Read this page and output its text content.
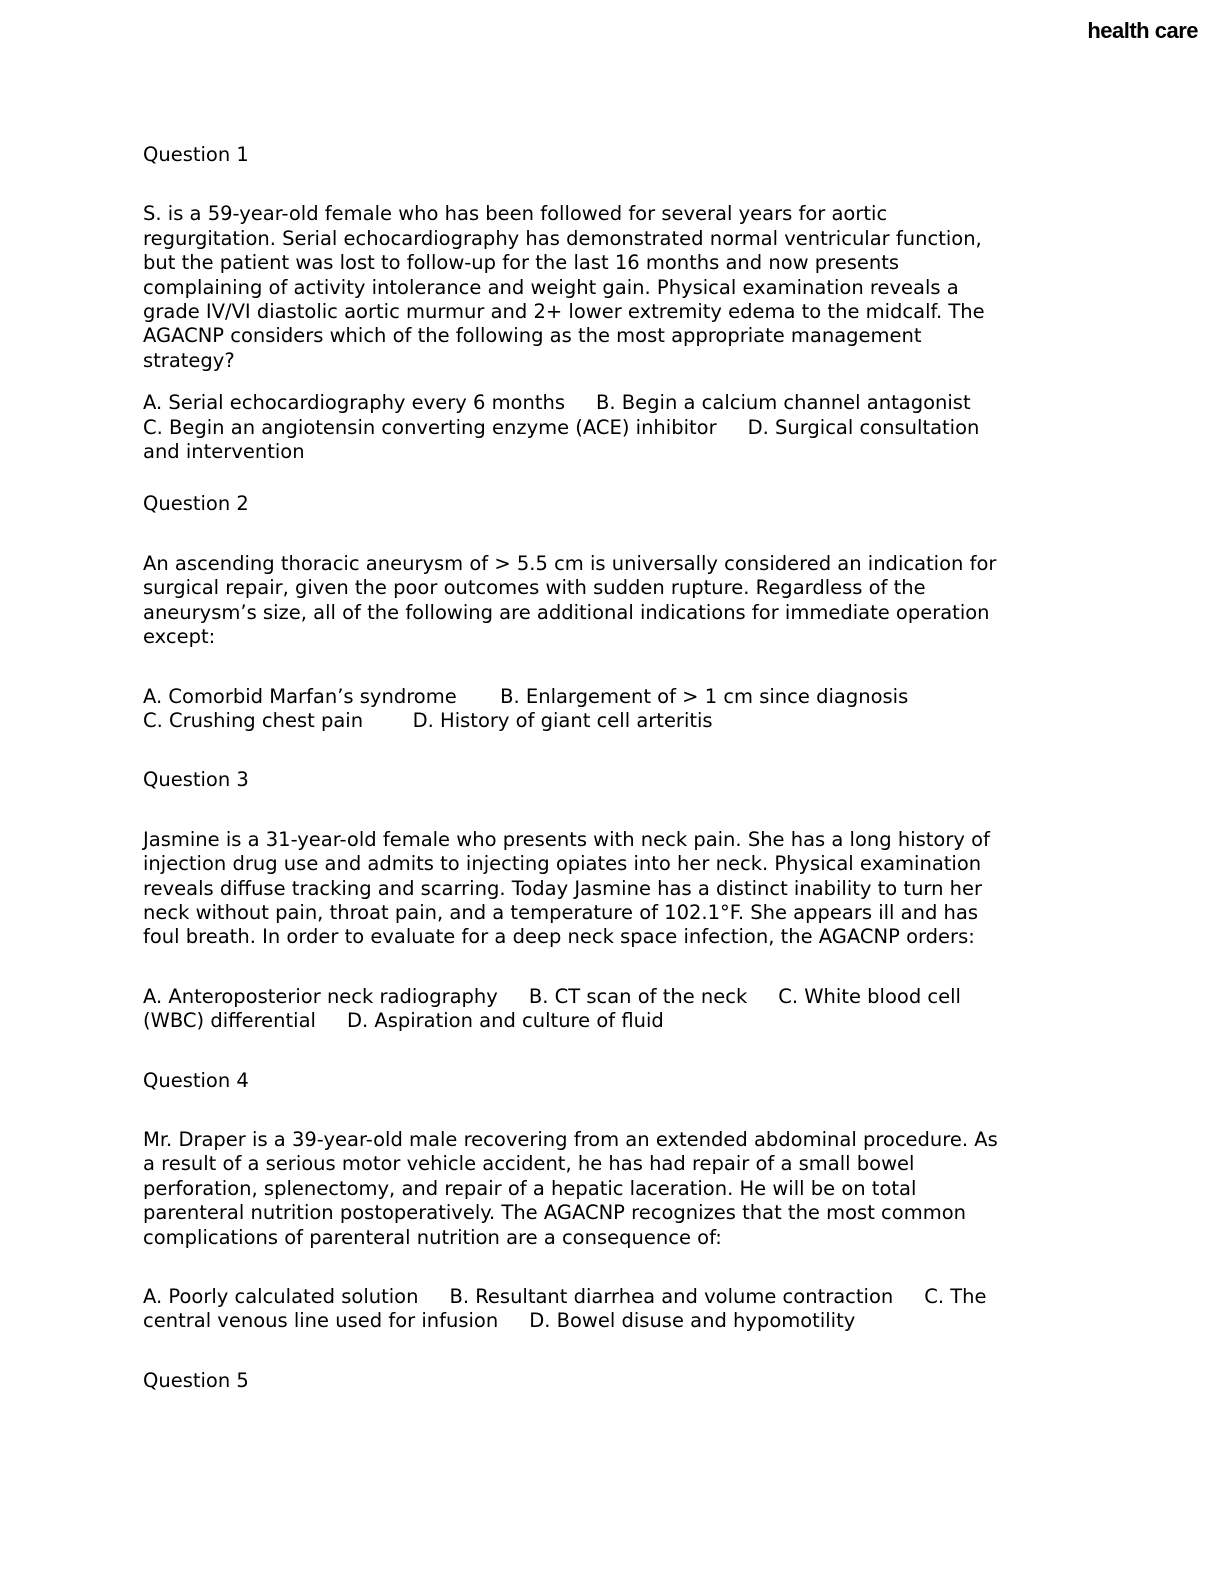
health care

Question 1

S. is a 59-year-old female who has been followed for several years for aortic
regurgitation. Serial echocardiography has demonstrated normal ventricular function,
but the patient was lost to follow-up for the last 16 months and now presents
complaining of activity intolerance and weight gain. Physical examination reveals a
grade IV/VI diastolic aortic murmur and 2+ lower extremity edema to the midcalf. The
AGACNP considers which of the following as the most appropriate management
strategy?

A. Serial echocardiography every 6 months     B. Begin a calcium channel antagonist
C. Begin an angiotensin converting enzyme (ACE) inhibitor     D. Surgical consultation
and intervention

Question 2

An ascending thoracic aneurysm of > 5.5 cm is universally considered an indication for
surgical repair, given the poor outcomes with sudden rupture. Regardless of the
aneurysm’s size, all of the following are additional indications for immediate operation
except:

A. Comorbid Marfan’s syndrome       B. Enlargement of > 1 cm since diagnosis
C. Crushing chest pain        D. History of giant cell arteritis

Question 3

Jasmine is a 31-year-old female who presents with neck pain. She has a long history of
injection drug use and admits to injecting opiates into her neck. Physical examination
reveals diffuse tracking and scarring. Today Jasmine has a distinct inability to turn her
neck without pain, throat pain, and a temperature of 102.1°F. She appears ill and has
foul breath. In order to evaluate for a deep neck space infection, the AGACNP orders:

A. Anteroposterior neck radiography     B. CT scan of the neck     C. White blood cell
(WBC) differential     D. Aspiration and culture of fluid

Question 4

Mr. Draper is a 39-year-old male recovering from an extended abdominal procedure. As
a result of a serious motor vehicle accident, he has had repair of a small bowel
perforation, splenectomy, and repair of a hepatic laceration. He will be on total
parenteral nutrition postoperatively. The AGACNP recognizes that the most common
complications of parenteral nutrition are a consequence of:

A. Poorly calculated solution     B. Resultant diarrhea and volume contraction     C. The
central venous line used for infusion     D. Bowel disuse and hypomotility

Question 5
